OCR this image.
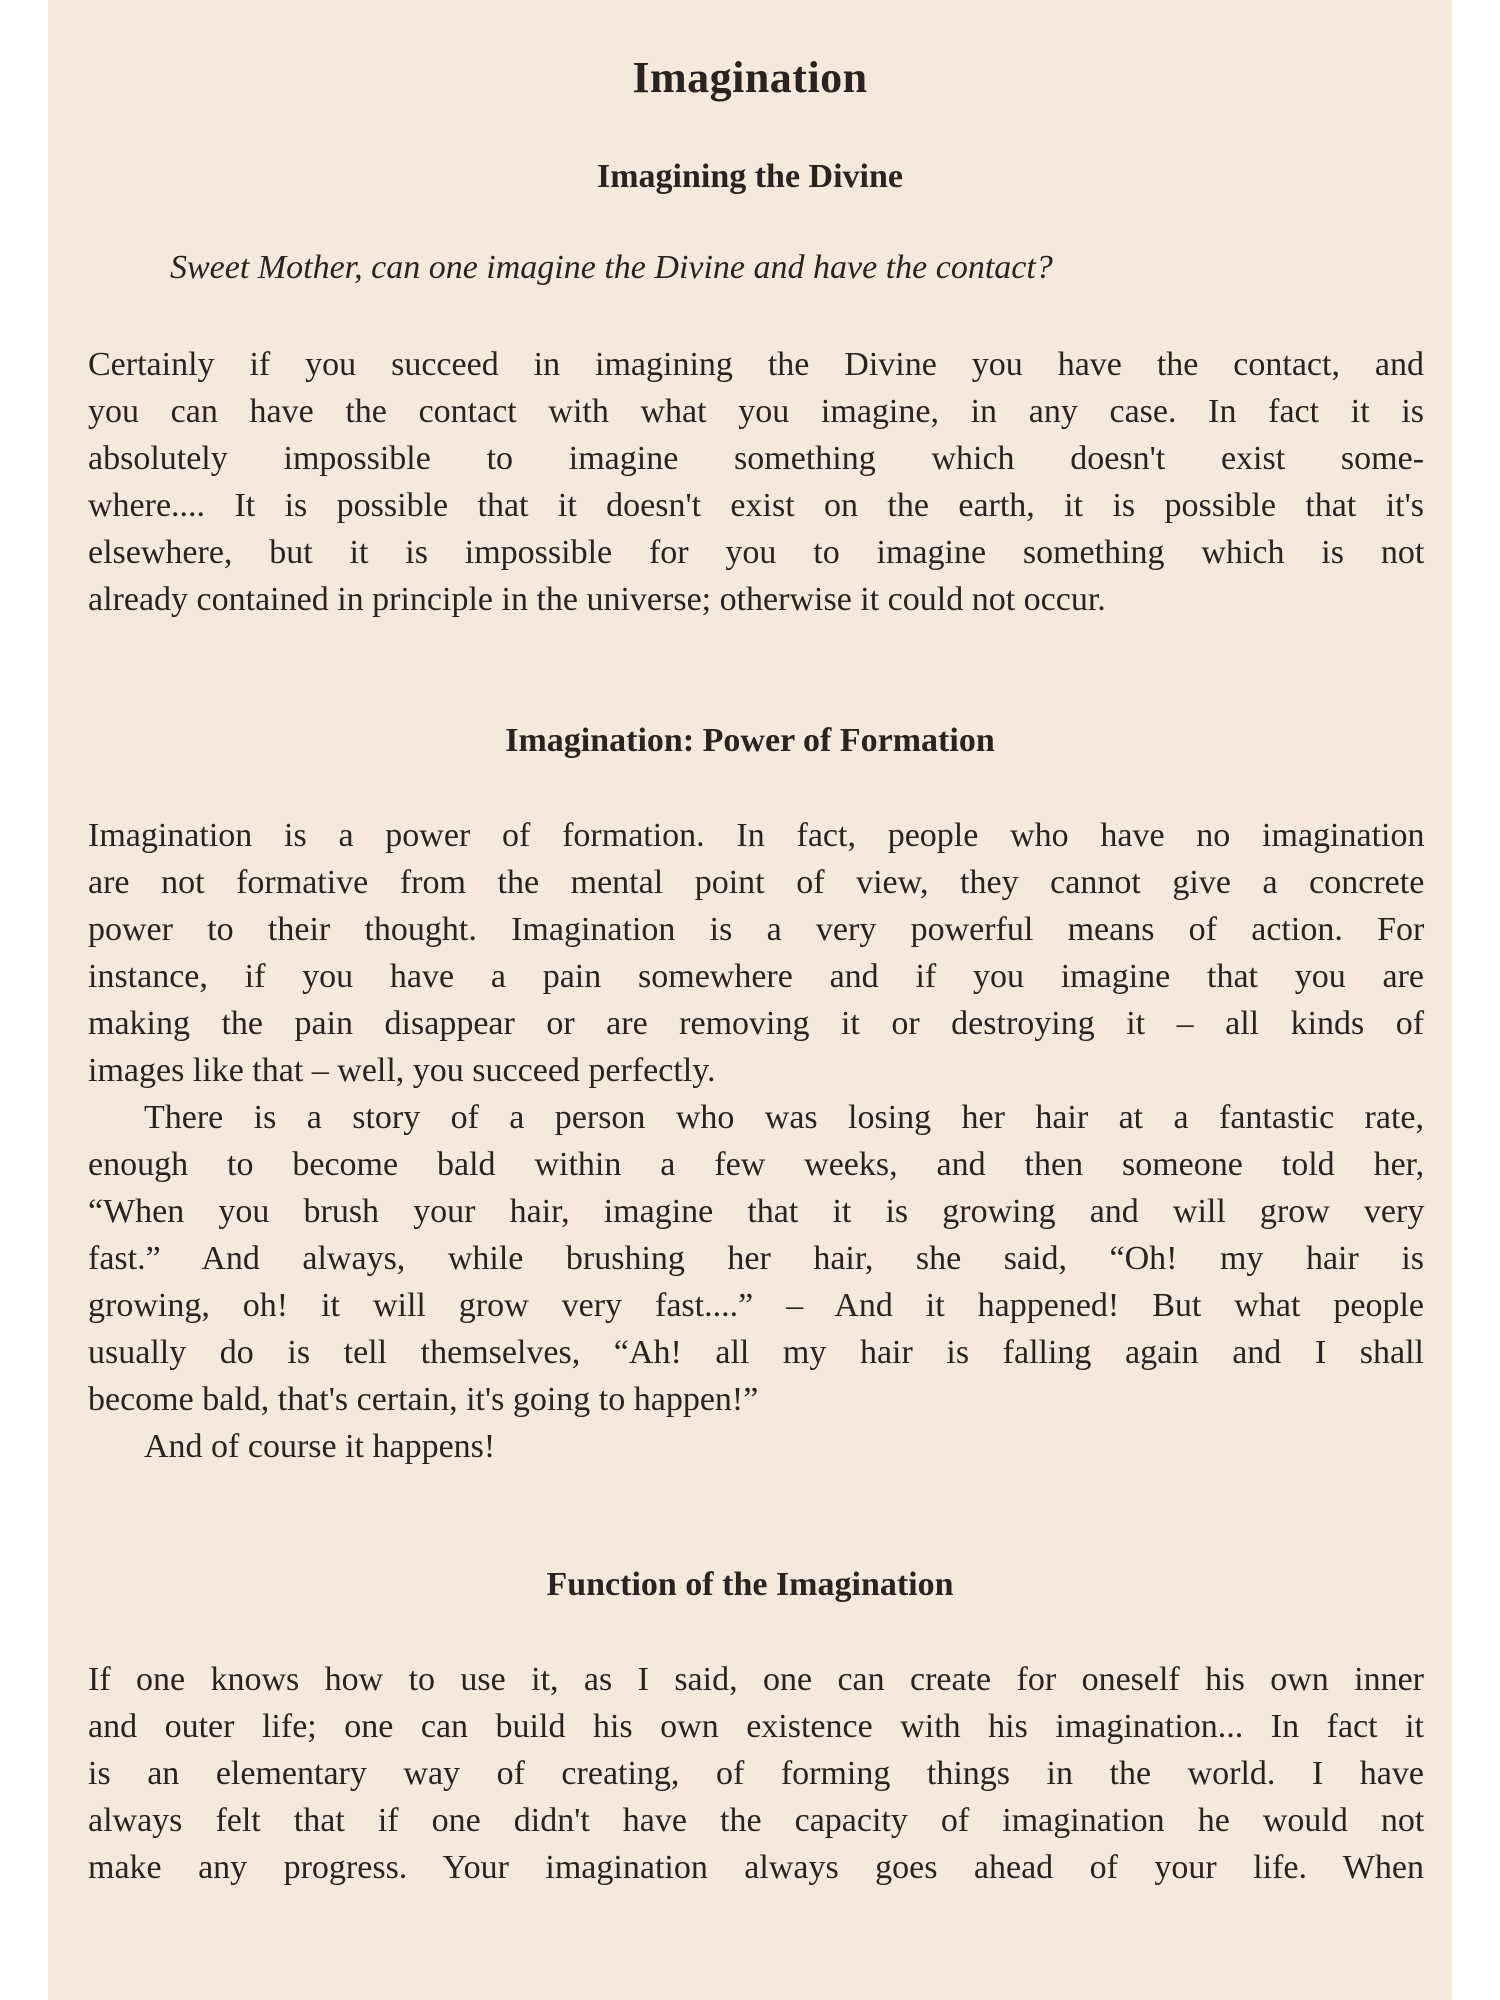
Imagination
Imagining the Divine
Sweet Mother, can one imagine the Divine and have the contact?
Certainly if you succeed in imagining the Divine you have the contact, and
you can have the contact with what you imagine, in any case. In fact it is
absolutely impossible to imagine something which doesn't exist some-
where.... It is possible that it doesn't exist on the earth, it is possible that it's
elsewhere, but it is impossible for you to imagine something which is not
already contained in principle in the universe; otherwise it could not occur.
Imagination: Power of Formation
Imagination is a power of formation. In fact, people who have no imagination
are not formative from the mental point of view, they cannot give a concrete
power to their thought. Imagination is a very powerful means of action. For
instance, if you have a pain somewhere and if you imagine that you are
making the pain disappear or are removing it or destroying it – all kinds of
images like that – well, you succeed perfectly.
There is a story of a person who was losing her hair at a fantastic rate,
enough to become bald within a few weeks, and then someone told her,
“When you brush your hair, imagine that it is growing and will grow very
fast.” And always, while brushing her hair, she said, “Oh! my hair is
growing, oh! it will grow very fast....” – And it happened! But what people
usually do is tell themselves, “Ah! all my hair is falling again and I shall
become bald, that's certain, it's going to happen!”
And of course it happens!
Function of the Imagination
If one knows how to use it, as I said, one can create for oneself his own inner
and outer life; one can build his own existence with his imagination... In fact it
is an elementary way of creating, of forming things in the world. I have
always felt that if one didn't have the capacity of imagination he would not
make any progress. Your imagination always goes ahead of your life. When
